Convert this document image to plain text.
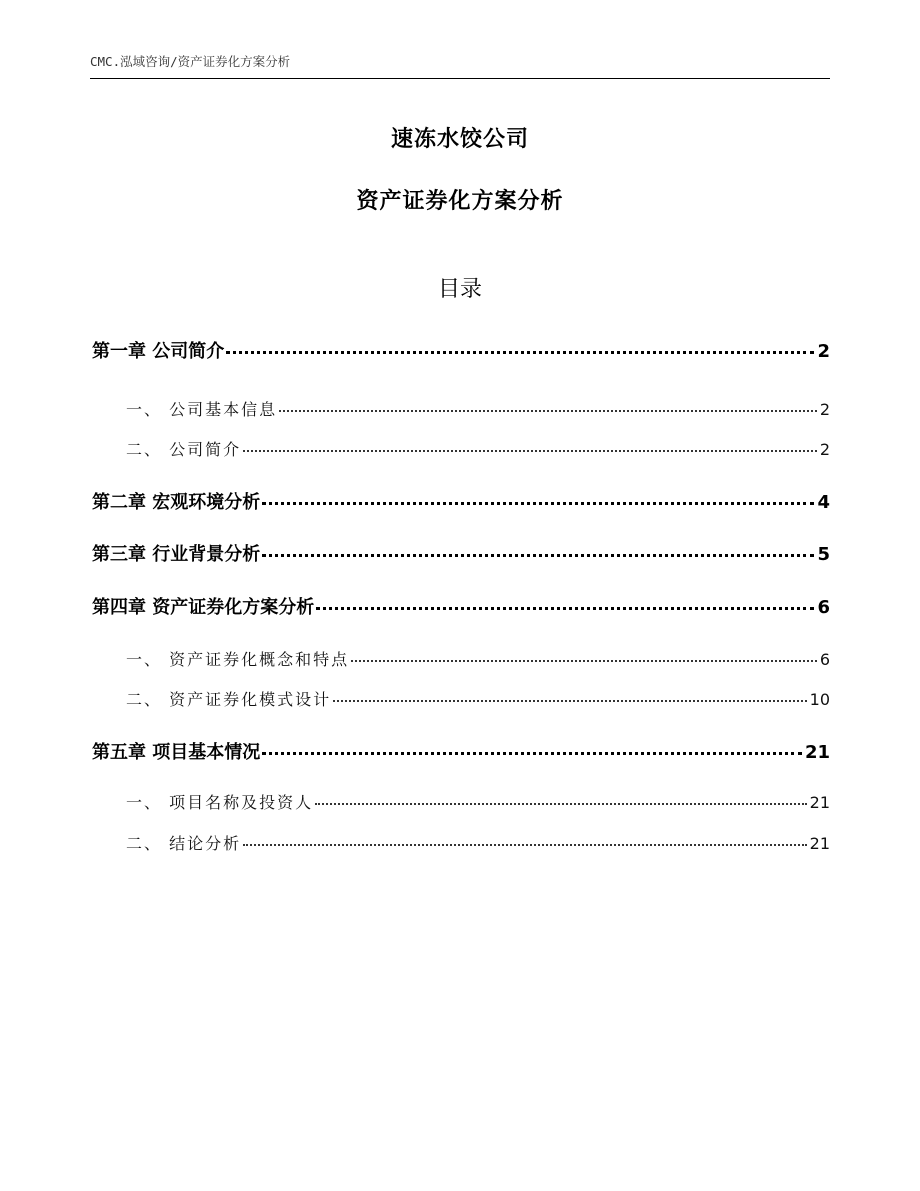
CMC.泓域咨询/资产证券化方案分析
速冻水饺公司
资产证券化方案分析
目录
第一章 公司简介	2
一、 公司基本信息	2
二、 公司简介	2
第二章 宏观环境分析	4
第三章 行业背景分析	5
第四章 资产证券化方案分析	6
一、 资产证券化概念和特点	6
二、 资产证券化模式设计	10
第五章 项目基本情况	21
一、 项目名称及投资人	21
二、 结论分析	21
